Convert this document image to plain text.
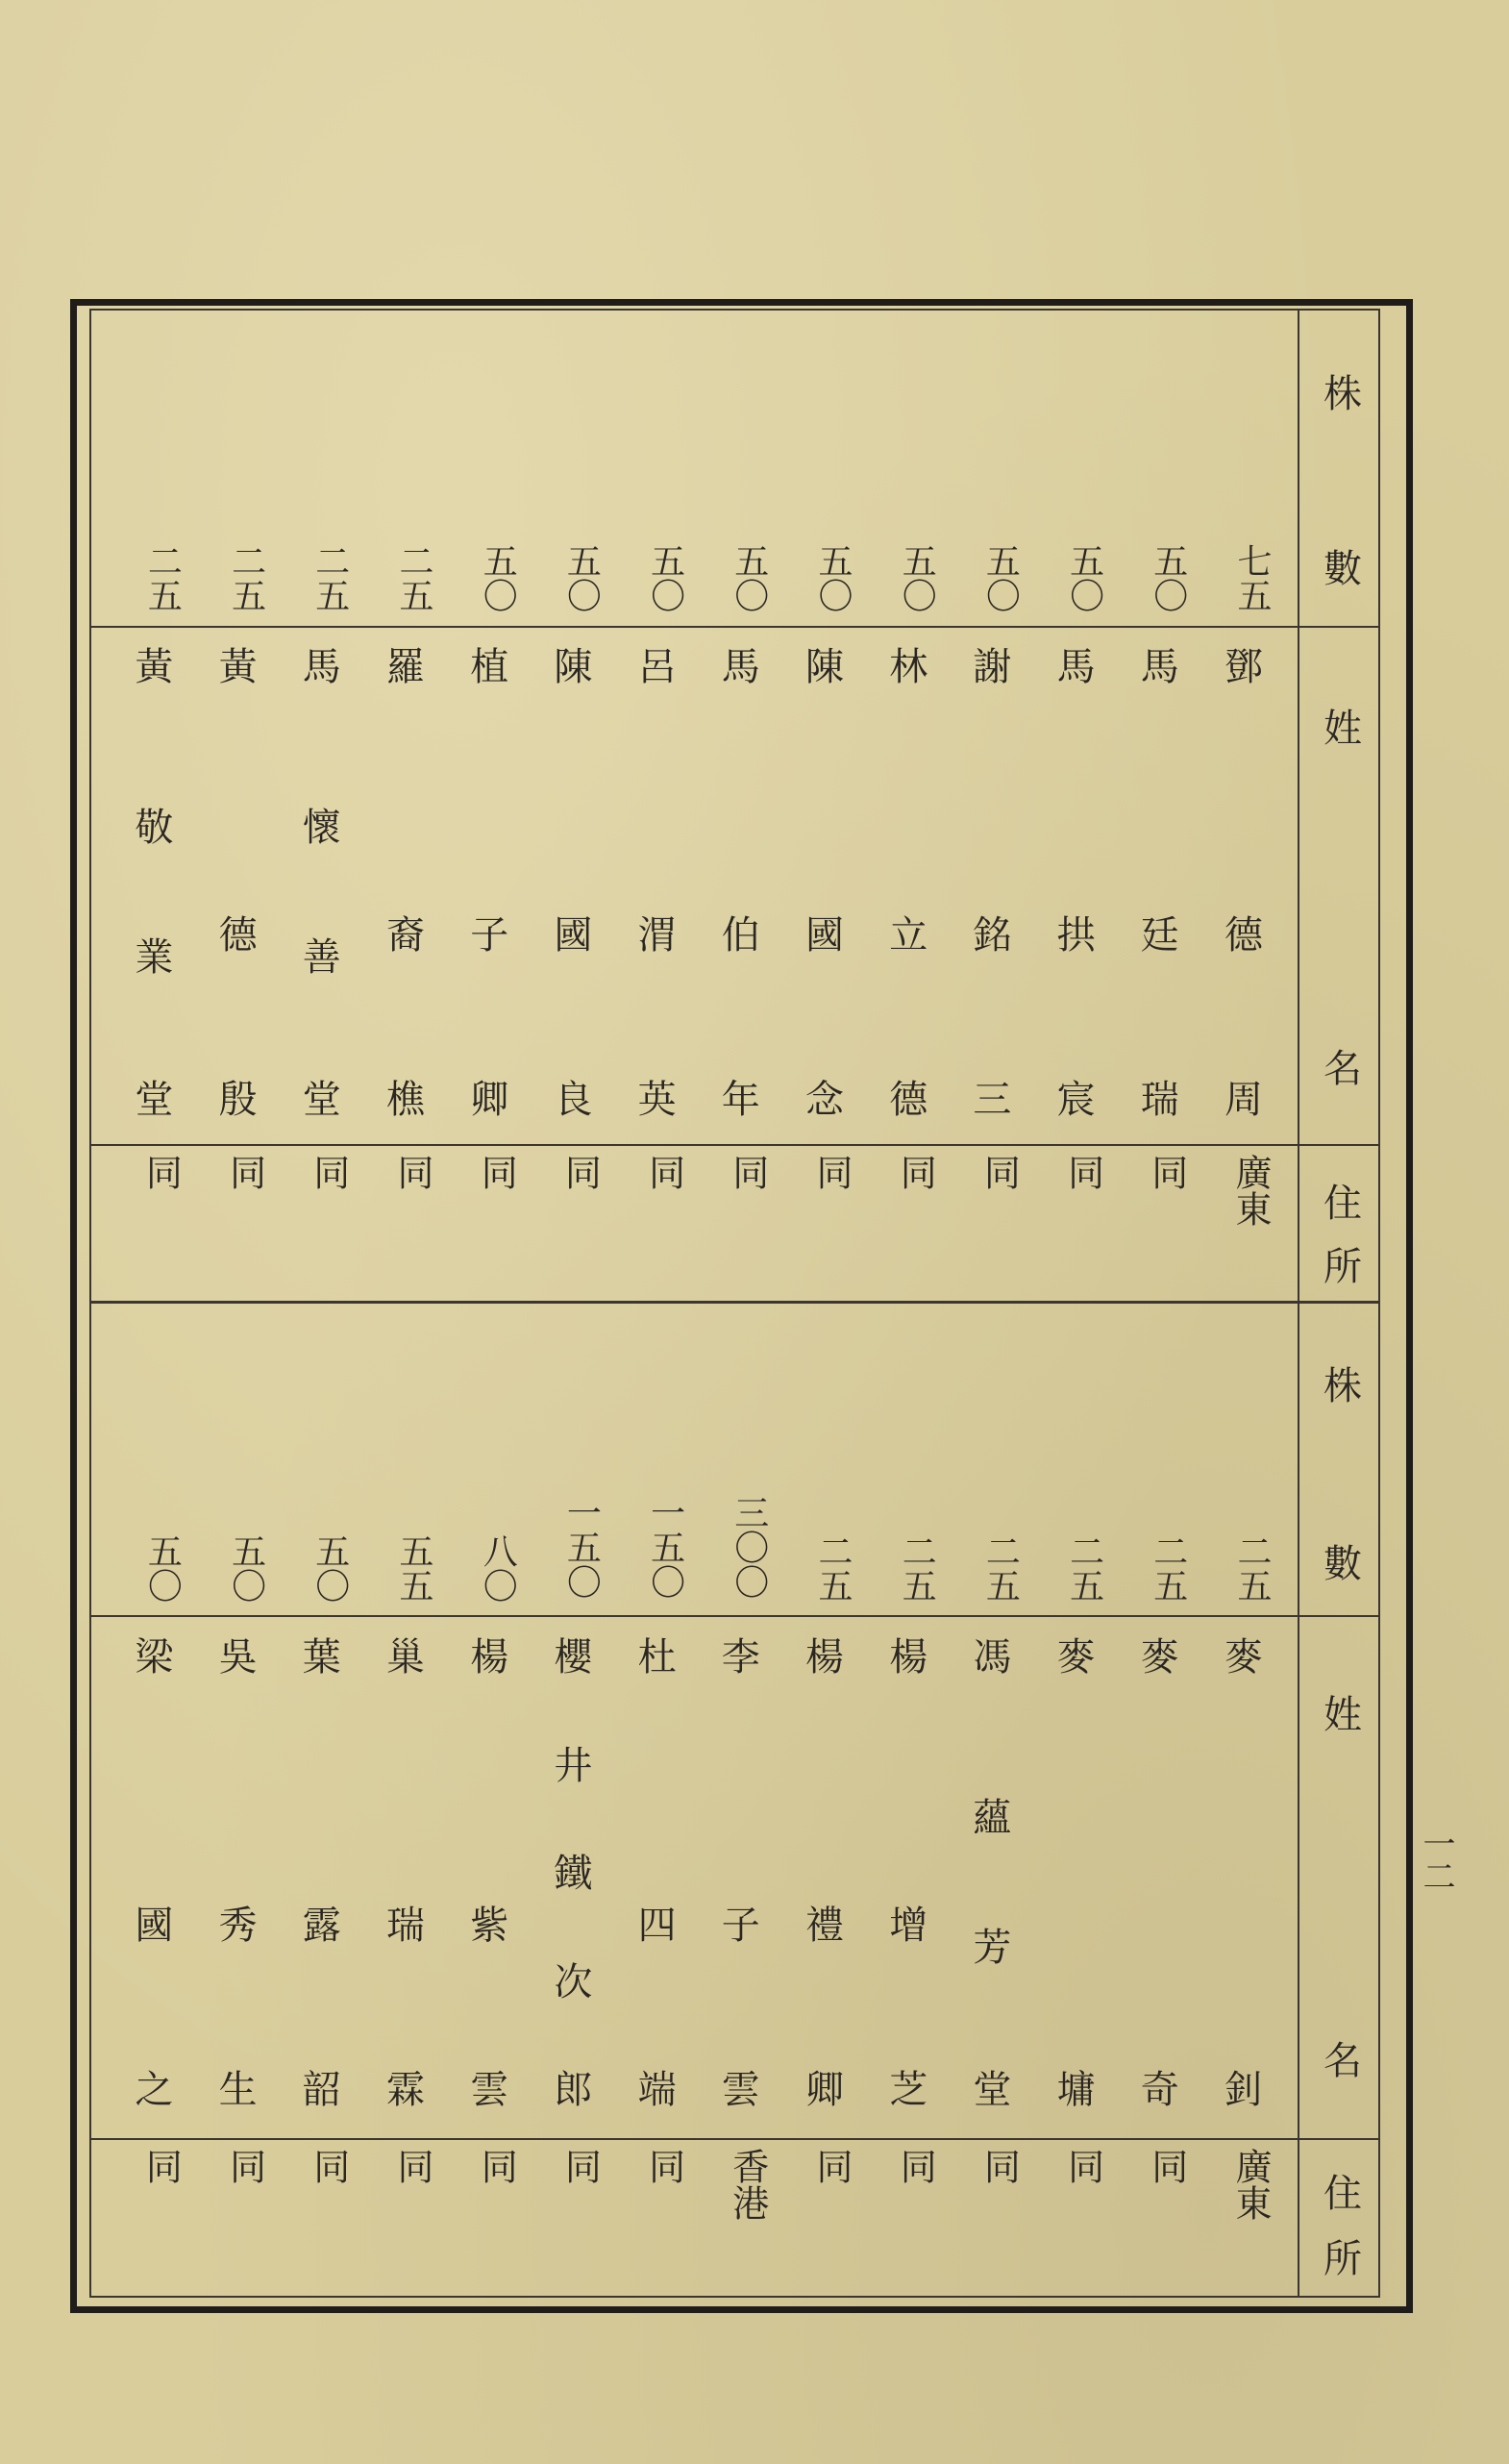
株
數
姓
名
住
所
株
數
姓
名
住
所
七五
鄧
德
周
廣東
五〇
馬
廷
瑞
同
五〇
馬
拱
宸
同
五〇
謝
銘
三
同
五〇
林
立
德
同
五〇
陳
國
念
同
五〇
馬
伯
年
同
五〇
呂
渭
英
同
五〇
陳
國
良
同
五〇
植
子
卿
同
二五
羅
裔
樵
同
二五
馬
懷
善
堂
同
二五
黃
德
殷
同
二五
黃
敬
業
堂
同
二五
麥
釗
廣東
二五
麥
奇
同
二五
麥
墉
同
二五
馮
蘊
芳
堂
同
二五
楊
增
芝
同
二五
楊
禮
卿
同
三〇〇
李
子
雲
香港
一五〇
杜
四
端
同
一五〇
櫻
井
鐵
次
郎
同
八〇
楊
紫
雲
同
五五
巢
瑞
霖
同
五〇
葉
露
韶
同
五〇
吳
秀
生
同
五〇
梁
國
之
同
一二
